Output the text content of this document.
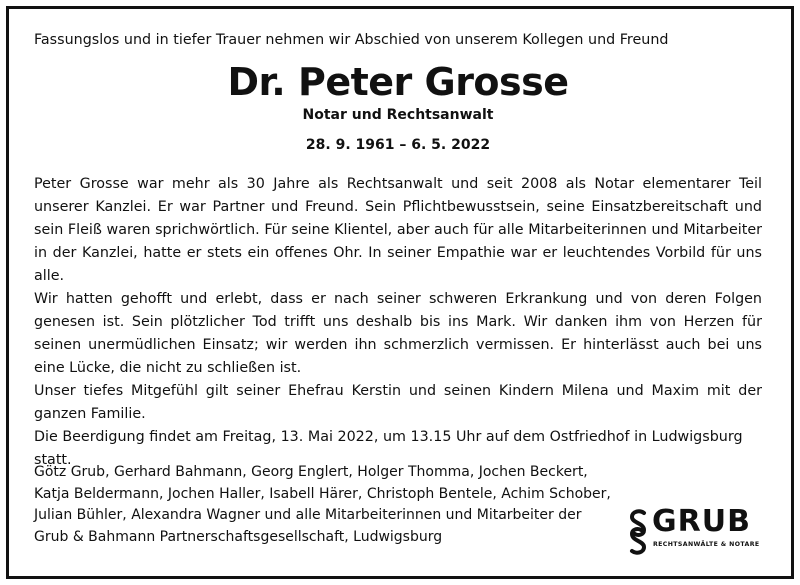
Fassungslos und in tiefer Trauer nehmen wir Abschied von unserem Kollegen und Freund

Dr. Peter Grosse
Notar und Rechtsanwalt
28. 9. 1961 – 6. 5. 2022

Peter Grosse war mehr als 30 Jahre als Rechtsanwalt und seit 2008 als Notar elementarer Teil unserer Kanzlei. Er war Partner und Freund. Sein Pflichtbewusstsein, seine Einsatzbereitschaft und sein Fleiß waren sprichwörtlich. Für seine Klientel, aber auch für alle Mitarbeiterinnen und Mitarbeiter in der Kanzlei, hatte er stets ein offenes Ohr. In seiner Empathie war er leuchtendes Vorbild für uns alle.

Wir hatten gehofft und erlebt, dass er nach seiner schweren Erkrankung und von deren Folgen genesen ist. Sein plötzlicher Tod trifft uns deshalb bis ins Mark. Wir danken ihm von Herzen für seinen unermüdlichen Einsatz; wir werden ihn schmerzlich vermissen. Er hinterlässt auch bei uns eine Lücke, die nicht zu schließen ist.

Unser tiefes Mitgefühl gilt seiner Ehefrau Kerstin und seinen Kindern Milena und Maxim mit der ganzen Familie.

Die Beerdigung findet am Freitag, 13. Mai 2022, um 13.15 Uhr auf dem Ostfriedhof in Ludwigsburg statt.

Götz Grub, Gerhard Bahmann, Georg Englert, Holger Thomma, Jochen Beckert,
Katja Beldermann, Jochen Haller, Isabell Härer, Christoph Bentele, Achim Schober,
Julian Bühler, Alexandra Wagner und alle Mitarbeiterinnen und Mitarbeiter der
Grub & Bahmann Partnerschaftsgesellschaft, Ludwigsburg	GRUB
RECHTSANWÄLTE & NOTARE
